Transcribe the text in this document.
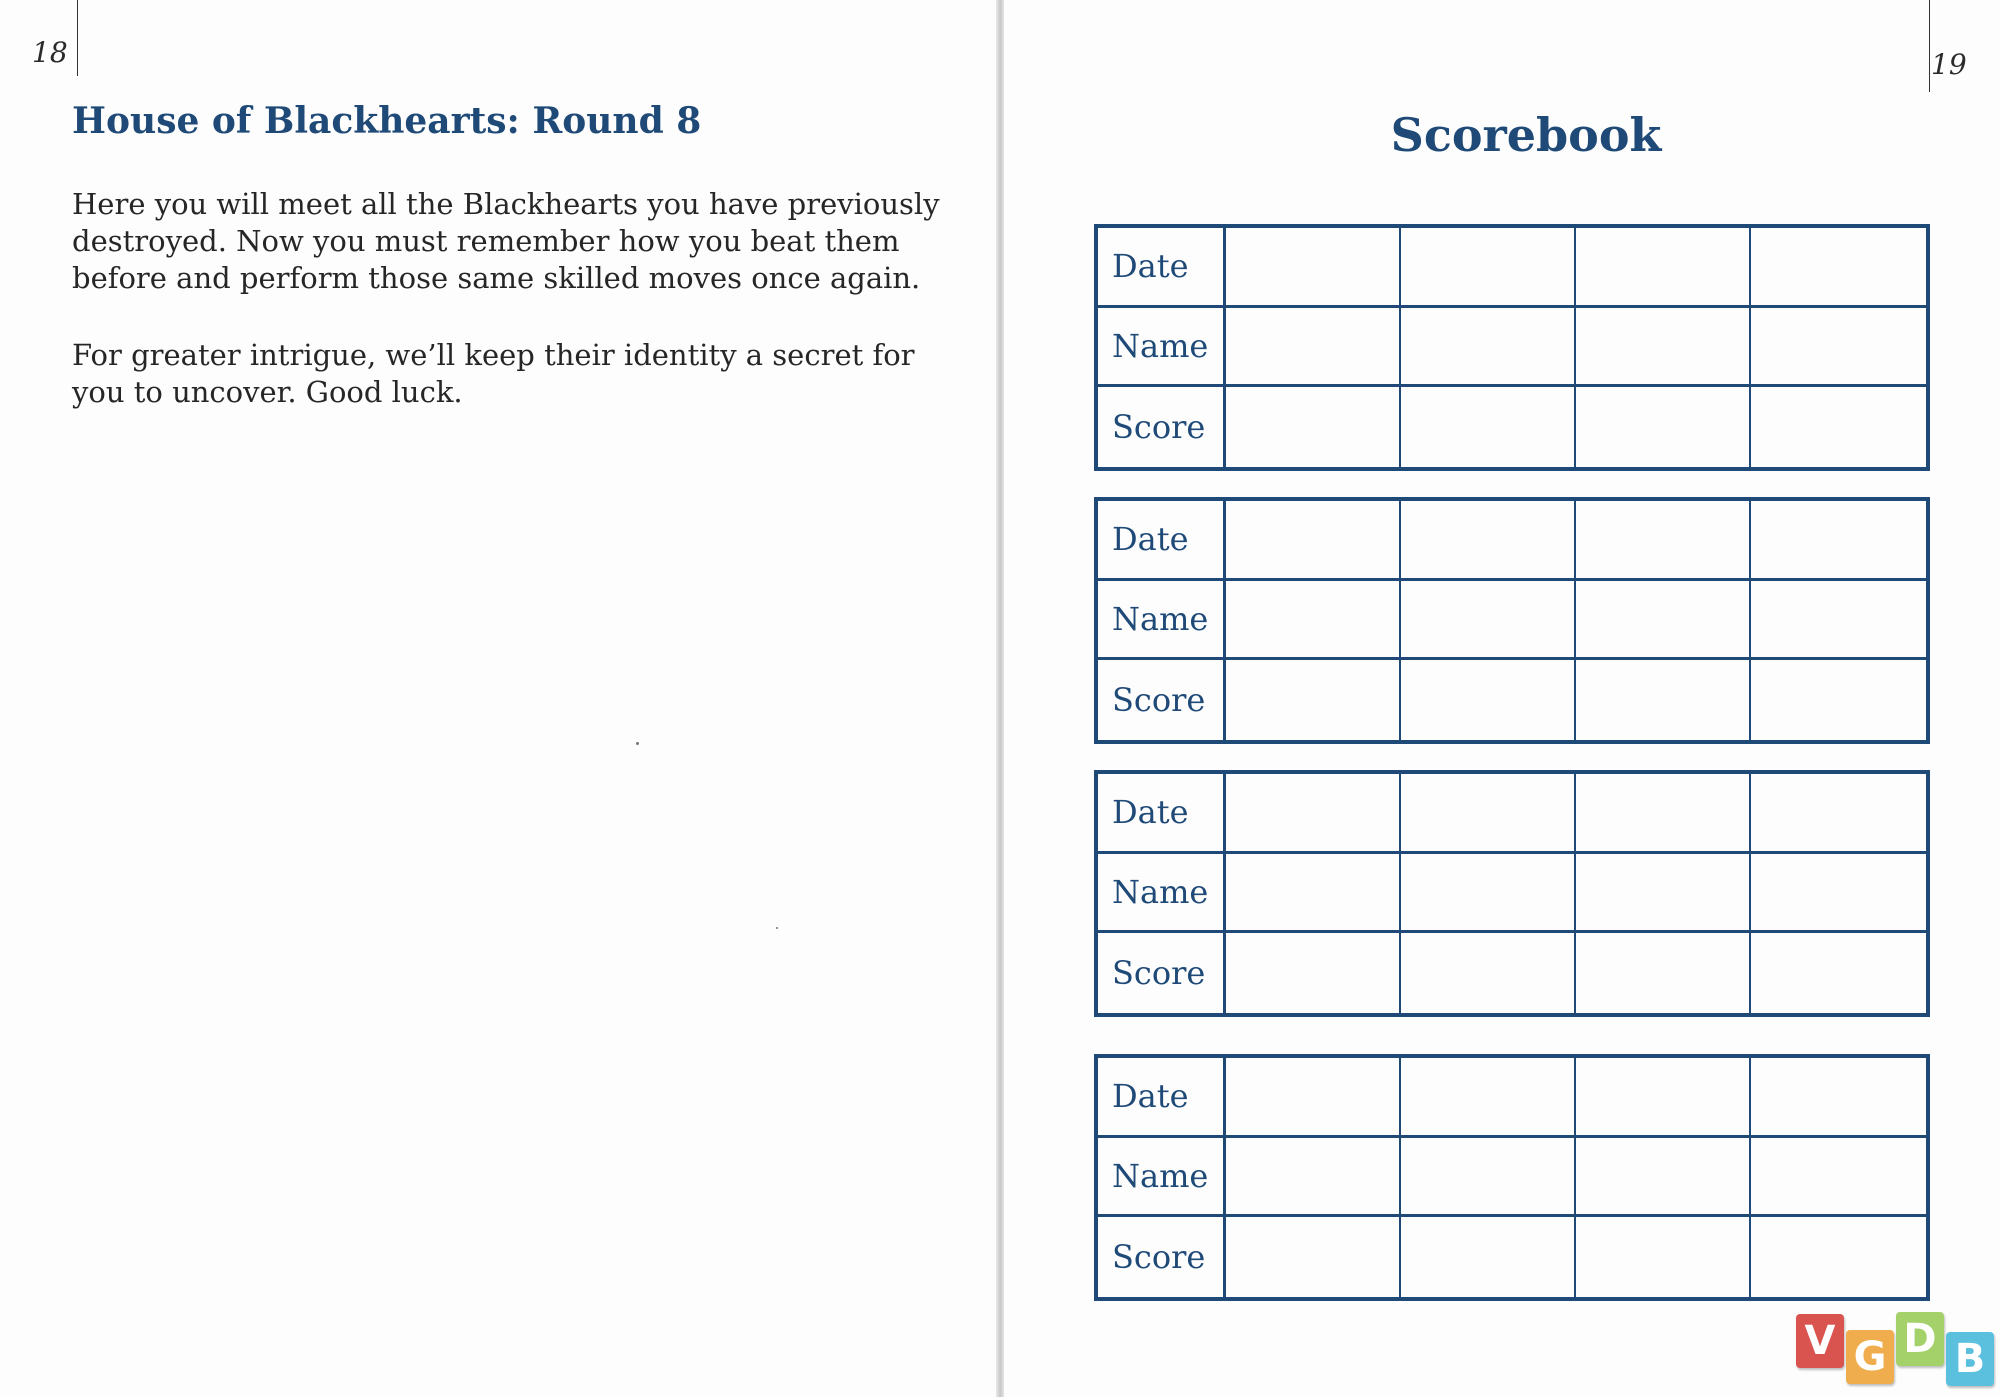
18
House of Blackhearts: Round 8

Here you will meet all the Blackhearts you have previously destroyed. Now you must remember how you beat them before and perform those same skilled moves once again.

For greater intrigue, we’ll keep their identity a secret for you to uncover. Good luck.

19
Scorebook
Date
Name
Score
Date
Name
Score
Date
Name
Score
Date
Name
Score
V G D B
